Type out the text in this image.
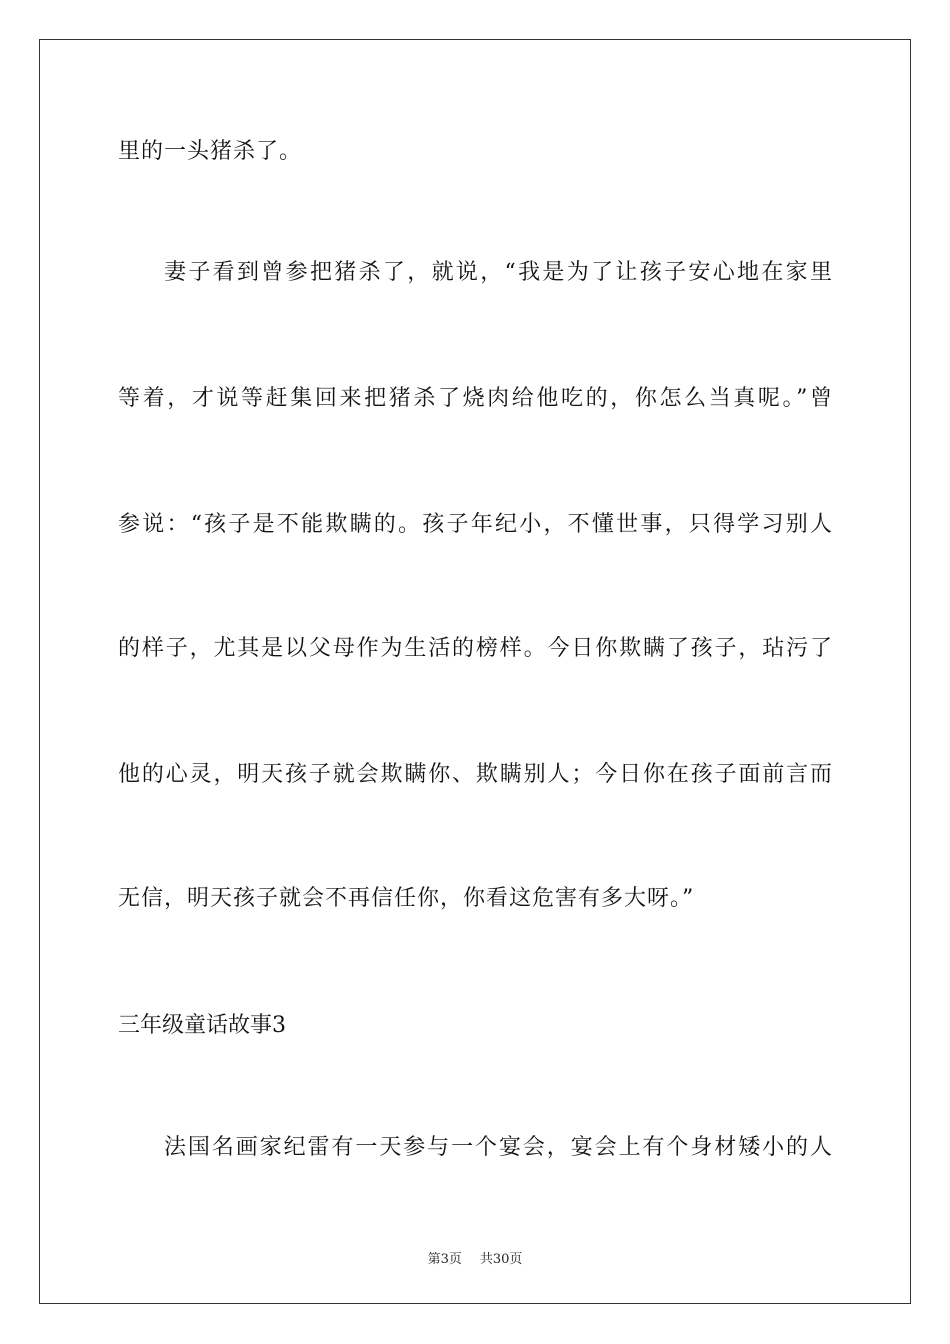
里的一头猪杀了。
妻子看到曾参把猪杀了，就说，“我是为了让孩子安心地在家里
等着，才说等赶集回来把猪杀了烧肉给他吃的，你怎么当真呢。”曾
参说：“孩子是不能欺瞒的。孩子年纪小，不懂世事，只得学习别人
的样子，尤其是以父母作为生活的榜样。今日你欺瞒了孩子，玷污了
他的心灵，明天孩子就会欺瞒你、欺瞒别人；今日你在孩子面前言而
无信，明天孩子就会不再信任你，你看这危害有多大呀。”
三年级童话故事3
法国名画家纪雷有一天参与一个宴会，宴会上有个身材矮小的人
第3页 共30页
